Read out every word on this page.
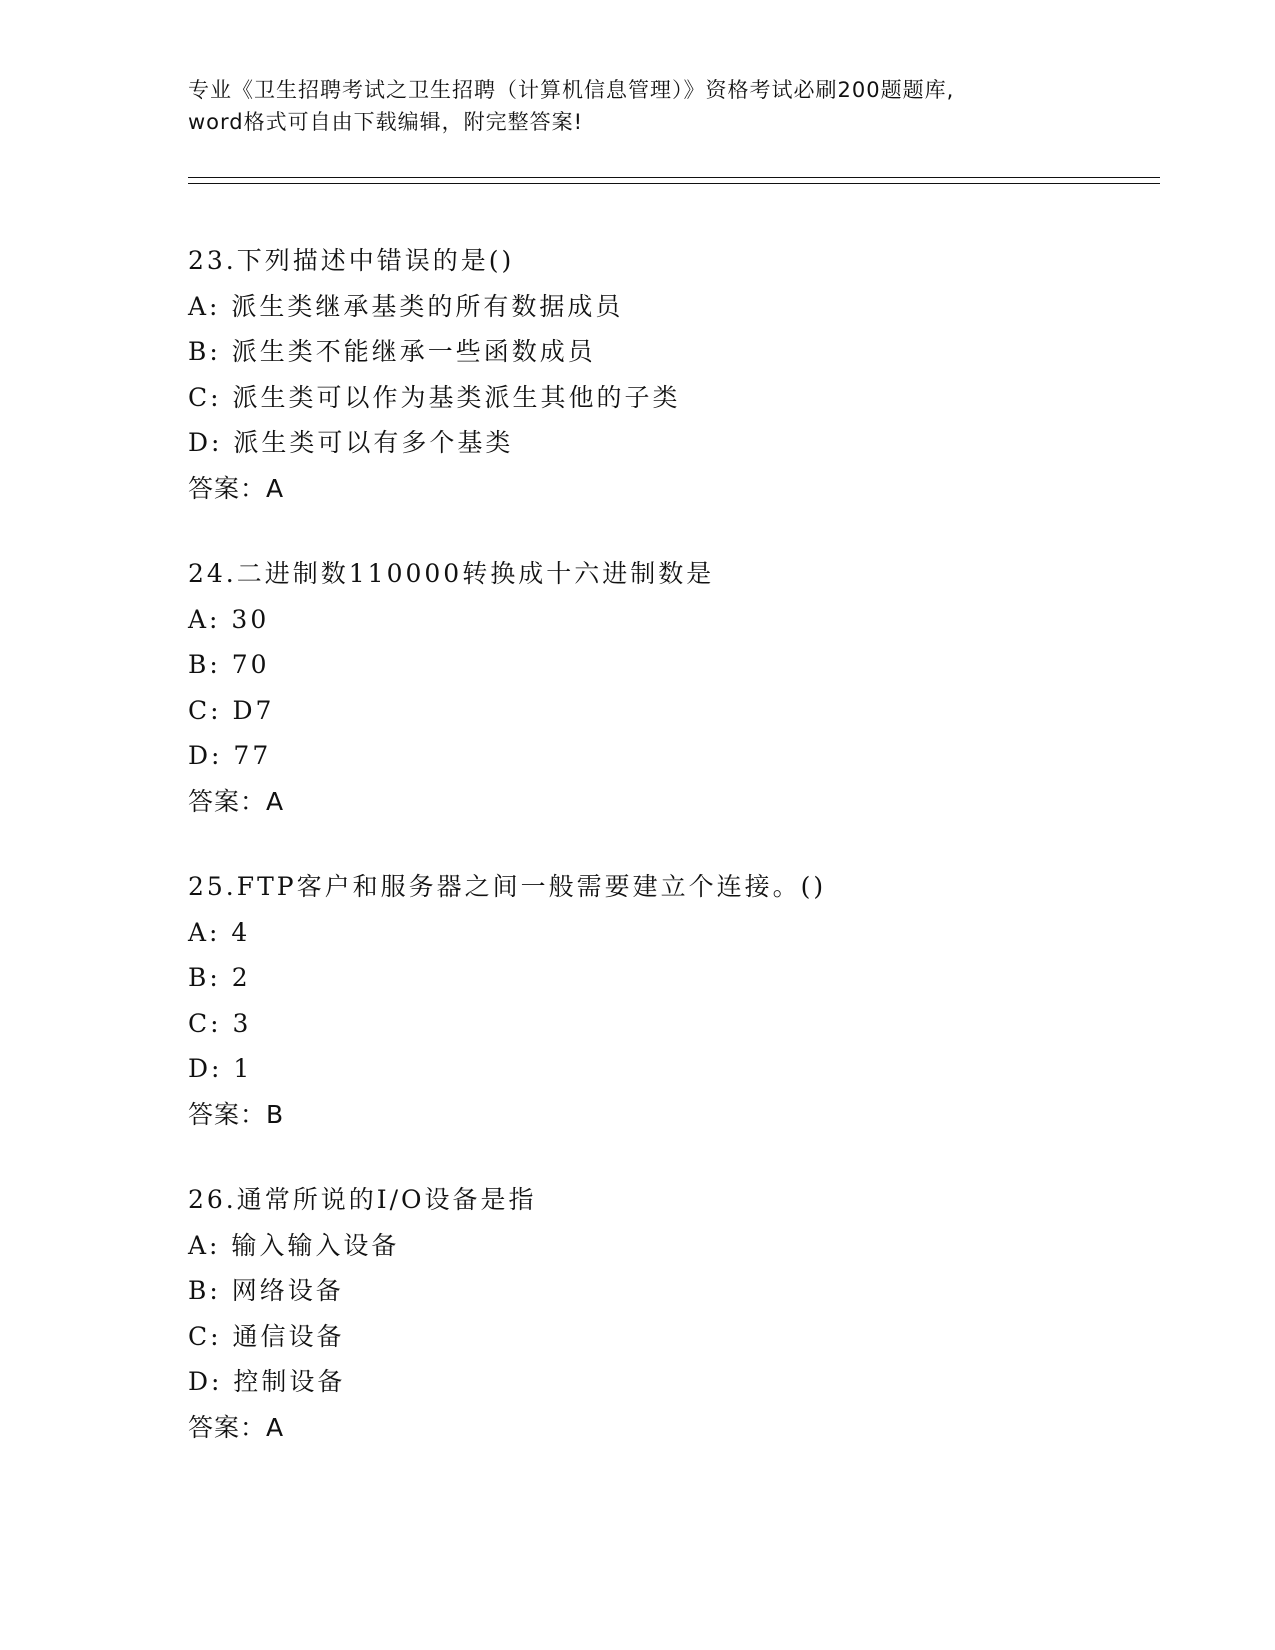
专业《卫生招聘考试之卫生招聘（计算机信息管理）》资格考试必刷200题题库,
word格式可自由下载编辑，附完整答案!
23.下列描述中错误的是()
A: 派生类继承基类的所有数据成员
B: 派生类不能继承一些函数成员
C: 派生类可以作为基类派生其他的子类
D: 派生类可以有多个基类
答案：A
24.二进制数110000转换成十六进制数是
A: 30
B: 70
C: D7
D: 77
答案：A
25.FTP客户和服务器之间一般需要建立个连接。()
A: 4
B: 2
C: 3
D: 1
答案：B
26.通常所说的I/O设备是指
A: 输入输入设备
B: 网络设备
C: 通信设备
D: 控制设备
答案：A
